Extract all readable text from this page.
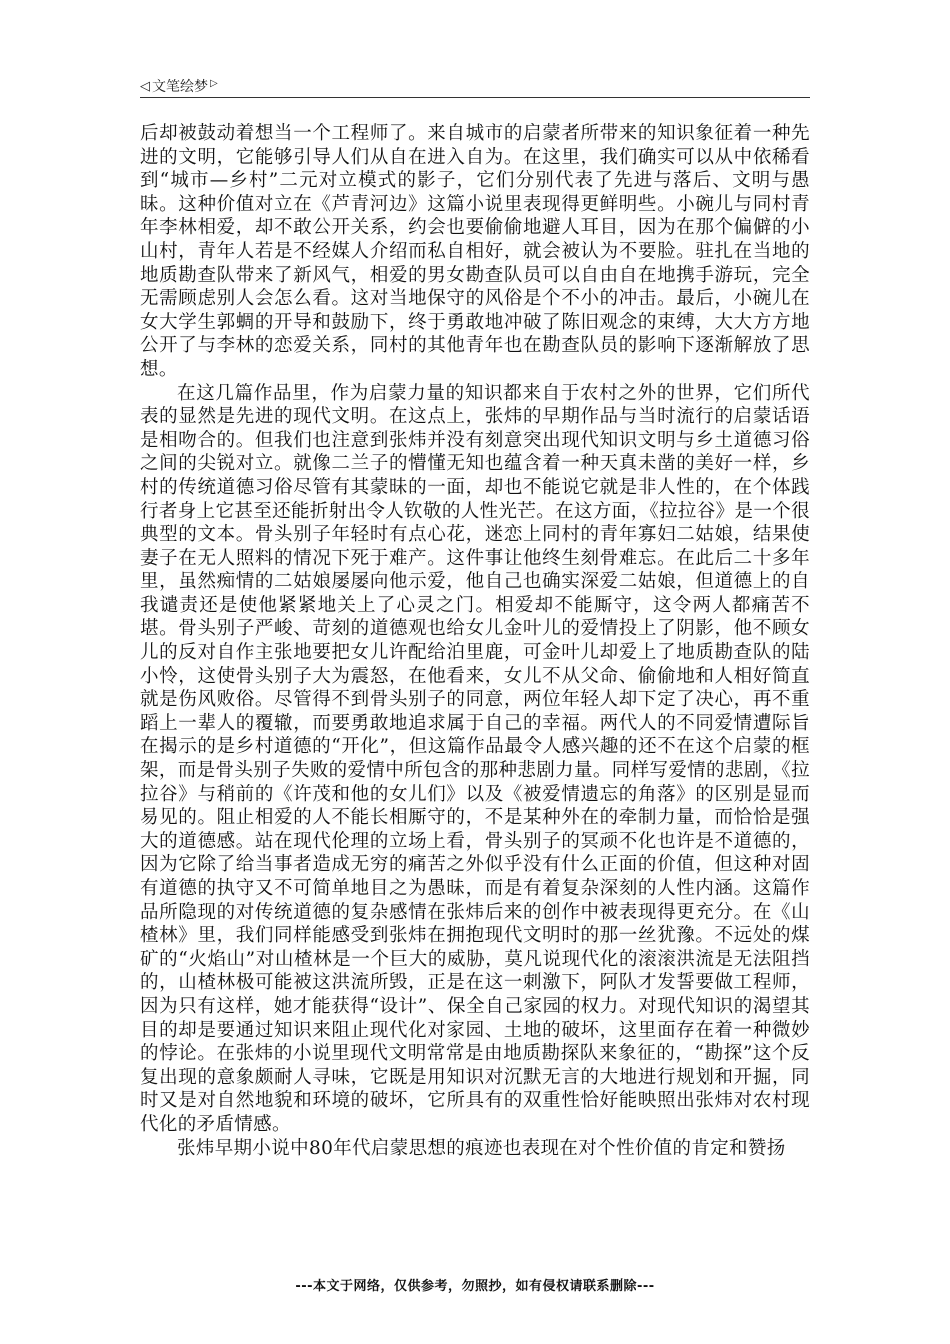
◁ 文笔绘梦 ▷

后却被鼓动着想当一个工程师了。来自城市的启蒙者所带来的知识象征着一种先进的文明，它能够引导人们从自在进入自为。在这里，我们确实可以从中依稀看到“城市—乡村”二元对立模式的影子，它们分别代表了先进与落后、文明与愚昧。这种价值对立在《芦青河边》这篇小说里表现得更鲜明些。小碗儿与同村青年李林相爱，却不敢公开关系，约会也要偷偷地避人耳目，因为在那个偏僻的小山村，青年人若是不经媒人介绍而私自相好，就会被认为不要脸。驻扎在当地的地质勘查队带来了新风气，相爱的男女勘查队员可以自由自在地携手游玩，完全无需顾虑别人会怎么看。这对当地保守的风俗是个不小的冲击。最后，小碗儿在女大学生郭蜩的开导和鼓励下，终于勇敢地冲破了陈旧观念的束缚，大大方方地公开了与李林的恋爱关系，同村的其他青年也在勘查队员的影响下逐渐解放了思想。

在这几篇作品里，作为启蒙力量的知识都来自于农村之外的世界，它们所代表的显然是先进的现代文明。在这点上，张炜的早期作品与当时流行的启蒙话语是相吻合的。但我们也注意到张炜并没有刻意突出现代知识文明与乡土道德习俗之间的尖锐对立。就像二兰子的懵懂无知也蕴含着一种天真未凿的美好一样，乡村的传统道德习俗尽管有其蒙昧的一面，却也不能说它就是非人性的，在个体践行者身上它甚至还能折射出令人钦敬的人性光芒。在这方面，《拉拉谷》是一个很典型的文本。骨头别子年轻时有点心花，迷恋上同村的青年寡妇二姑娘，结果使妻子在无人照料的情况下死于难产。这件事让他终生刻骨难忘。在此后二十多年里，虽然痴情的二姑娘屡屡向他示爱，他自己也确实深爱二姑娘，但道德上的自我谴责还是使他紧紧地关上了心灵之门。相爱却不能厮守，这令两人都痛苦不堪。骨头别子严峻、苛刻的道德观也给女儿金叶儿的爱情投上了阴影，他不顾女儿的反对自作主张地要把女儿许配给泊里鹿，可金叶儿却爱上了地质勘查队的陆小怜，这使骨头别子大为震怒，在他看来，女儿不从父命、偷偷地和人相好简直就是伤风败俗。尽管得不到骨头别子的同意，两位年轻人却下定了决心，再不重蹈上一辈人的覆辙，而要勇敢地追求属于自己的幸福。两代人的不同爱情遭际旨在揭示的是乡村道德的“开化”，但这篇作品最令人感兴趣的还不在这个启蒙的框架，而是骨头别子失败的爱情中所包含的那种悲剧力量。同样写爱情的悲剧，《拉拉谷》与稍前的《许茂和他的女儿们》以及《被爱情遗忘的角落》的区别是显而易见的。阻止相爱的人不能长相厮守的，不是某种外在的牵制力量，而恰恰是强大的道德感。站在现代伦理的立场上看，骨头别子的冥顽不化也许是不道德的，因为它除了给当事者造成无穷的痛苦之外似乎没有什么正面的价值，但这种对固有道德的执守又不可简单地目之为愚昧，而是有着复杂深刻的人性内涵。这篇作品所隐现的对传统道德的复杂感情在张炜后来的创作中被表现得更充分。在《山楂林》里，我们同样能感受到张炜在拥抱现代文明时的那一丝犹豫。不远处的煤矿的“火焰山”对山楂林是一个巨大的威胁，莫凡说现代化的滚滚洪流是无法阻挡的，山楂林极可能被这洪流所毁，正是在这一刺激下，阿队才发誓要做工程师，因为只有这样，她才能获得“设计”、保全自己家园的权力。对现代知识的渴望其目的却是要通过知识来阻止现代化对家园、土地的破坏，这里面存在着一种微妙的悖论。在张炜的小说里现代文明常常是由地质勘探队来象征的，“勘探”这个反复出现的意象颇耐人寻味，它既是用知识对沉默无言的大地进行规划和开掘，同时又是对自然地貌和环境的破坏，它所具有的双重性恰好能映照出张炜对农村现代化的矛盾情感。

张炜早期小说中80年代启蒙思想的痕迹也表现在对个性价值的肯定和赞扬

---本文于网络，仅供参考，勿照抄，如有侵权请联系删除---
